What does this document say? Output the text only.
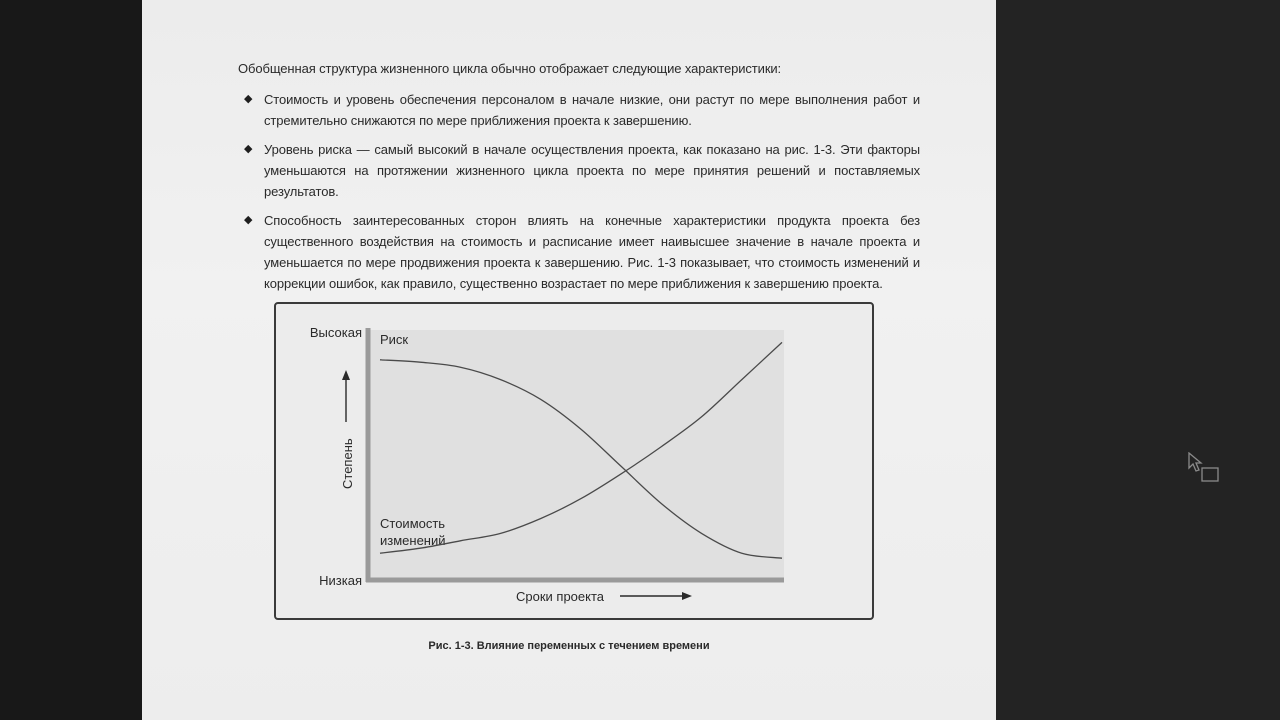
Обобщенная структура жизненного цикла обычно отображает следующие характеристики:

◆ Стоимость и уровень обеспечения персоналом в начале низкие, они растут по мере выполнения работ и стремительно снижаются по мере приближения проекта к завершению.
◆ Уровень риска — самый высокий в начале осуществления проекта, как показано на рис. 1-3. Эти факторы уменьшаются на протяжении жизненного цикла проекта по мере принятия решений и поставляемых результатов.
◆ Способность заинтересованных сторон влиять на конечные характеристики продукта проекта без существенного воздействия на стоимость и расписание имеет наивысшее значение в начале проекта и уменьшается по мере продвижения проекта к завершению. Рис. 1-3 показывает, что стоимость изменений и коррекции ошибок, как правило, существенно возрастает по мере приближения к завершению проекта.
Высокая
Низкая
Степень
Сроки проекта
Риск
Стоимость
изменений
Рис. 1-3. Влияние переменных с течением времени
